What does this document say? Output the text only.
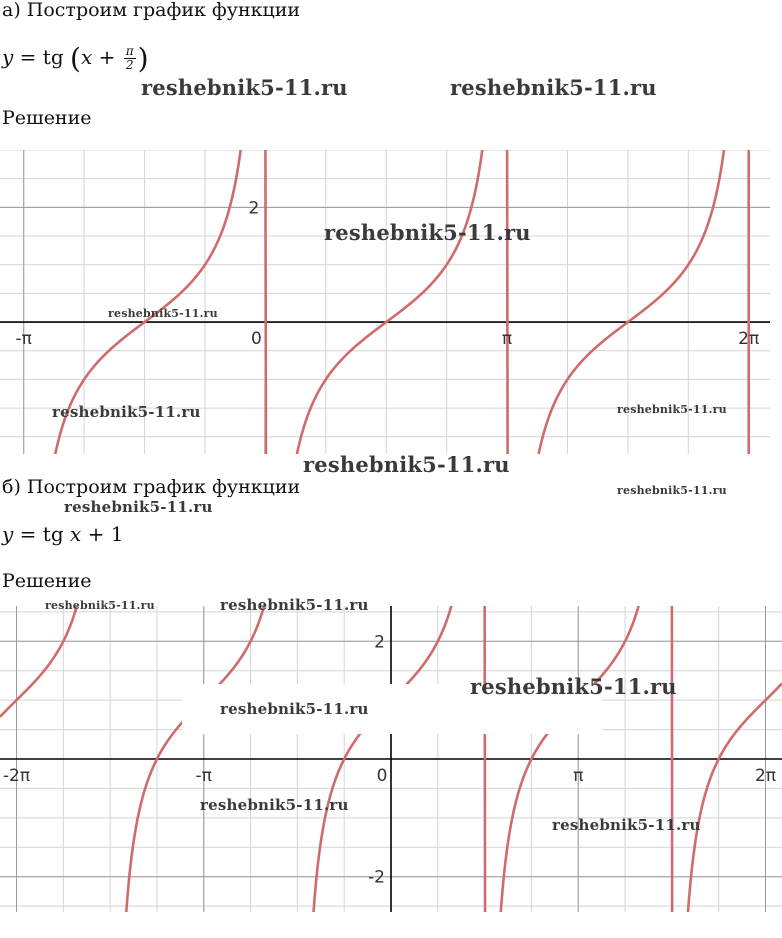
а) Построим график функции
y = tg ($x + \frac{\pi}{2}$ )
Решение
-π	0	π	2π
2
б) Построим график функции
y = tg x + 1
Решение
-2π	-π	0	π	2π
2
-2
reshebnik5-11.ru	reshebnik5-11.ru
reshebnik5-11.ru
reshebnik5-11.ru
reshebnik5-11.ru	reshebnik5-11.ru
reshebnik5-11.ru
reshebnik5-11.ru
reshebnik5-11.ru
reshebnik5-11.ru	reshebnik5-11.ru
reshebnik5-11.ru
reshebnik5-11.ru
reshebnik5-11.ru
reshebnik5-11.ru
